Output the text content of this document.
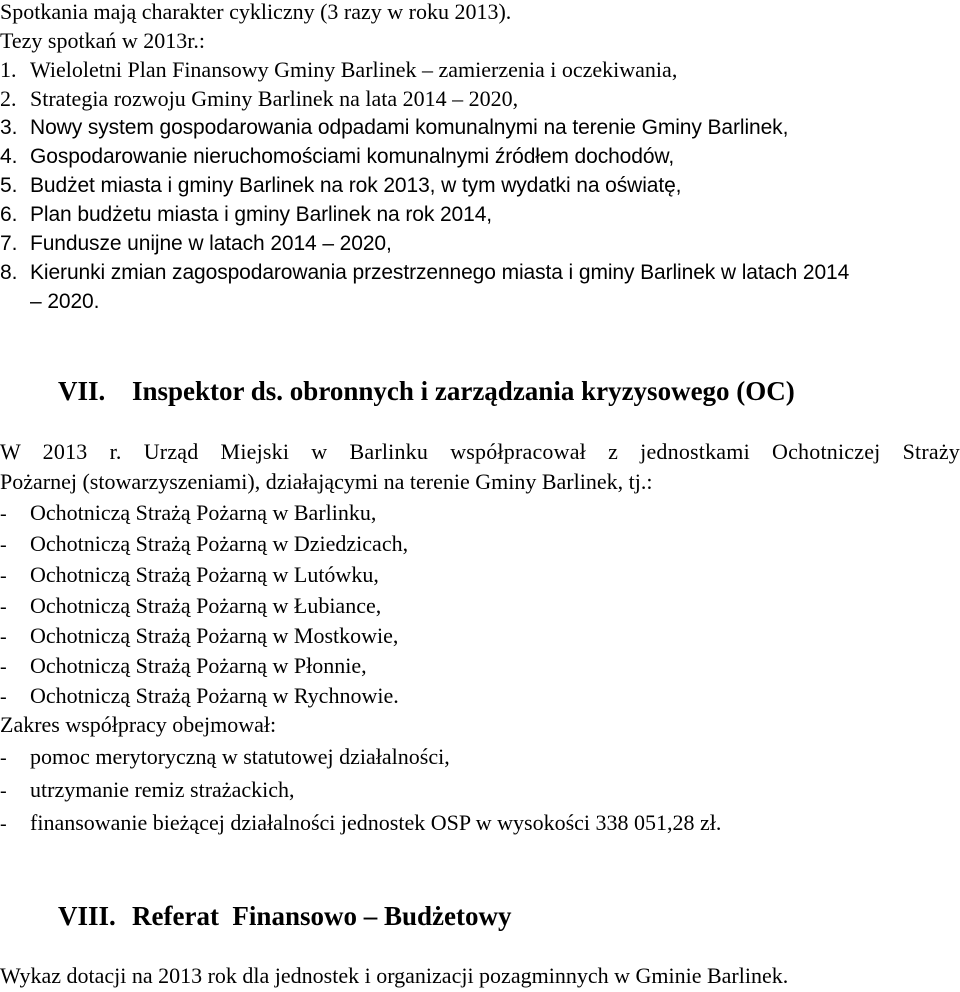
Spotkania mają charakter cykliczny (3 razy w roku 2013).
Tezy spotkań w 2013r.:
1. Wieloletni Plan Finansowy Gminy Barlinek – zamierzenia i oczekiwania,
2. Strategia rozwoju Gminy Barlinek na lata 2014 – 2020,
3. Nowy system gospodarowania odpadami komunalnymi na terenie Gminy Barlinek,
4. Gospodarowanie nieruchomościami komunalnymi źródłem dochodów,
5. Budżet miasta i gminy Barlinek na rok 2013, w tym wydatki na oświatę,
6. Plan budżetu miasta i gminy Barlinek na rok 2014,
7. Fundusze unijne w latach 2014 – 2020,
8. Kierunki zmian zagospodarowania przestrzennego miasta i gminy Barlinek w latach 2014
– 2020.
VII. Inspektor ds. obronnych i zarządzania kryzysowego (OC)
W 2013 r. Urząd Miejski w Barlinku współpracował z jednostkami Ochotniczej Straży
Pożarnej (stowarzyszeniami), działającymi na terenie Gminy Barlinek, tj.:
- Ochotniczą Strażą Pożarną w Barlinku,
- Ochotniczą Strażą Pożarną w Dziedzicach,
- Ochotniczą Strażą Pożarną w Lutówku,
- Ochotniczą Strażą Pożarną w Łubiance,
- Ochotniczą Strażą Pożarną w Mostkowie,
- Ochotniczą Strażą Pożarną w Płonnie,
- Ochotniczą Strażą Pożarną w Rychnowie.
Zakres współpracy obejmował:
- pomoc merytoryczną w statutowej działalności,
- utrzymanie remiz strażackich,
- finansowanie bieżącej działalności jednostek OSP w wysokości 338 051,28 zł.
VIII. Referat  Finansowo – Budżetowy
Wykaz dotacji na 2013 rok dla jednostek i organizacji pozagminnych w Gminie Barlinek.
